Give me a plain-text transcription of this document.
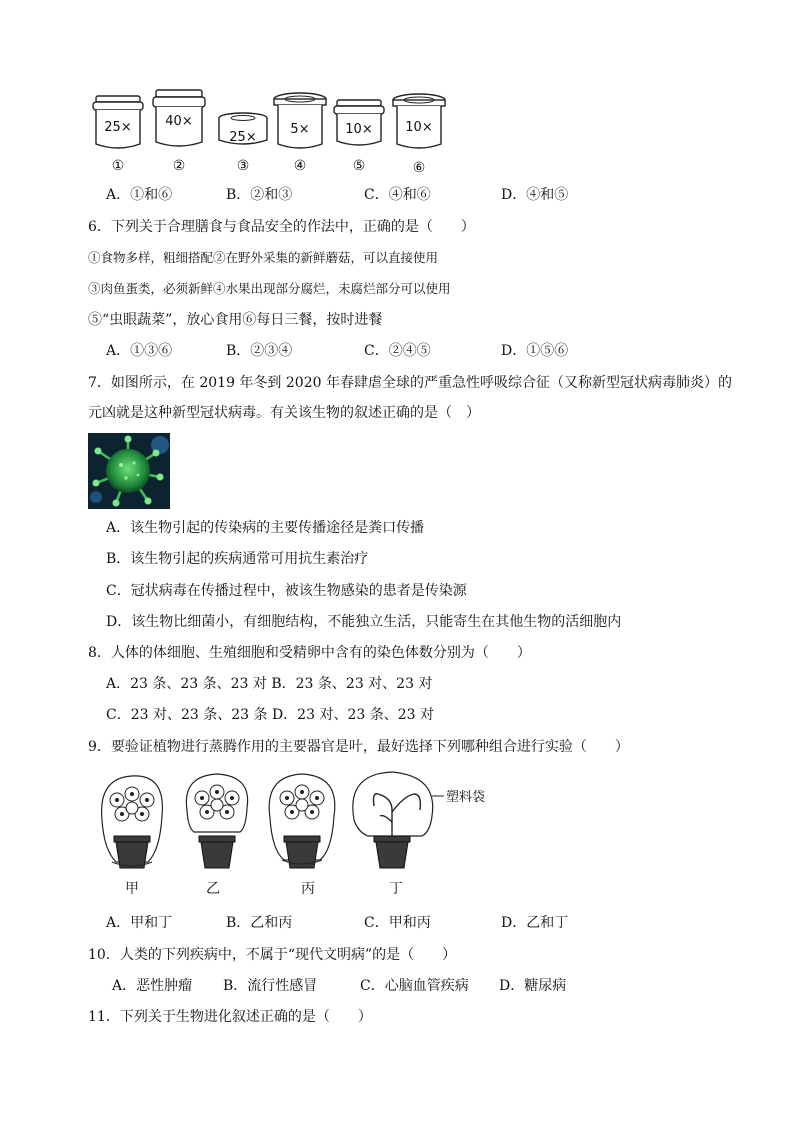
25×	40×
25×
5×	10×	10×
①	②	③	④	⑤	⑥
A．①和⑥	B．②和③	C．④和⑥	D．④和⑤
6．下列关于合理膳食与食品安全的作法中，正确的是（　　）
①食物多样，粗细搭配②在野外采集的新鲜蘑菇，可以直接使用
③肉鱼蛋类，必须新鲜④水果出现部分腐烂，未腐烂部分可以使用
⑤“虫眼蔬菜”，放心食用⑥每日三餐，按时进餐
A．①③⑥	B．②③④	C．②④⑤	D．①⑤⑥
7．如图所示，在 2019 年冬到 2020 年春肆虐全球的严重急性呼吸综合征（又称新型冠状病毒肺炎）的
元凶就是这种新型冠状病毒。有关该生物的叙述正确的是（　）
A．该生物引起的传染病的主要传播途径是粪口传播
B．该生物引起的疾病通常可用抗生素治疗
C．冠状病毒在传播过程中，被该生物感染的患者是传染源
D．该生物比细菌小，有细胞结构，不能独立生活，只能寄生在其他生物的活细胞内
8．人体的体细胞、生殖细胞和受精卵中含有的染色体数分别为（　　）
A．23 条、23 条、23 对 B．23 条、23 对、23 对
C．23 对、23 条、23 条 D．23 对、23 条、23 对
9．要验证植物进行蒸腾作用的主要器官是叶，最好选择下列哪种组合进行实验（　　）
塑料袋
甲	乙	丙	丁
A．甲和丁	B．乙和丙	C．甲和丙	D．乙和丁
10．人类的下列疾病中，不属于“现代文明病”的是（　　）
A．恶性肿瘤 B．流行性感冒	C．心脑血管疾病 D．糖尿病
11．下列关于生物进化叙述正确的是（　　）
